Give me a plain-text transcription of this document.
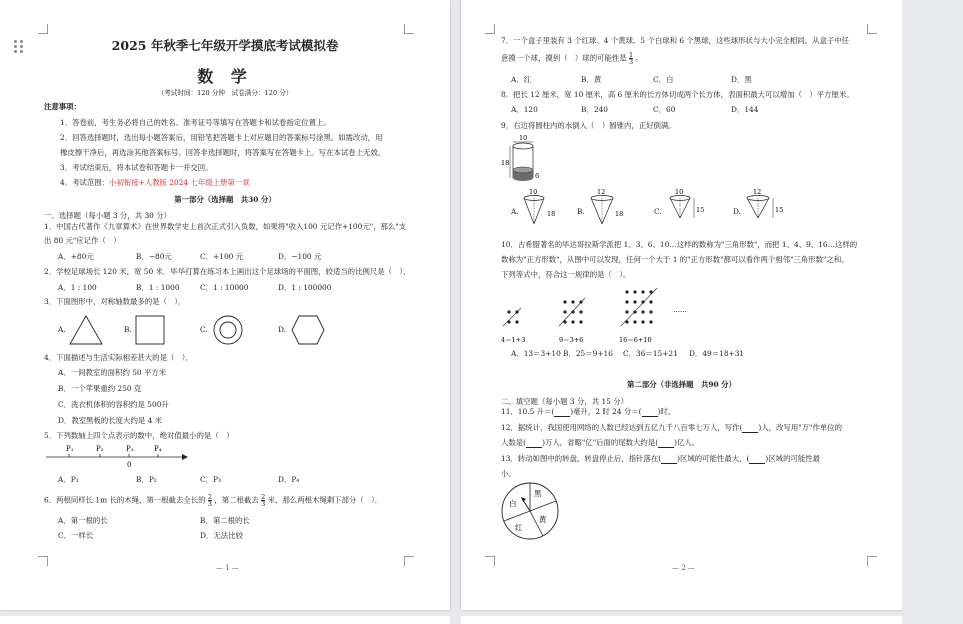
2025 年秋季七年级开学摸底考试模拟卷
数 学
（考试时间：120 分钟　试卷满分：120 分）
注意事项：
1．答卷前，考生务必将自己的姓名、准考证号等填写在答题卡和试卷指定位置上。
2．回答选择题时，选出每小题答案后，用铅笔把答题卡上对应题目的答案标号涂黑。如需改动，用
橡皮擦干净后，再选涂其他答案标号。回答非选择题时，将答案写在答题卡上。写在本试卷上无效。
3．考试结束后，将本试卷和答题卡一并交回。
4．考试范围：小初衔接+人教版 2024 七年级上册第一章
第一部分（选择题　共30 分）
一、选择题（每小题 3 分，共 30 分）
1．中国古代著作《九章算术》在世界数学史上首次正式引入负数，如果将"收入100 元记作+100元"，那么"支
出 80 元"应记作（　）
A．+80元	B．−80元	C．+100 元	D．−100 元
2．学校足球场长 120 米，宽 50 米．毕华打算在练习本上画出这个足球场的平面图，较适当的比例尺是（　）．
A．1 : 100	B．1 : 1000	C．1 : 10000	D．1 : 100000
3．下面图形中，对称轴数最多的是（　）．
A.	B.	C.	D.
4．下面描述与生活实际相差甚大的是（　）．
A．一间教室的面积约 50 平方米
B．一个苹果重约 250 克
C．洗衣机体积的容积约是 500升
D．教室黑板的长度大约是 4 米
5．下列数轴上四个点表示的数中，绝对值最小的是（　）
P₁	P₂	P₃	P₄
0
A．P₁	B．P₂	C．P₃	D．P₄
6．两根同样长 1m 长的木绳，第一根截去全长的 $\frac{2}{3}$ ，第二根截去 $\frac{2}{3}$ 米，那么两根木绳剩下部分（　）．
A．第一根的长	B．第二根的长
C．一样长	D．无法比较
— 1 —
7．一个盒子里装有 3 个红球、4 个黄球、5 个白球和 6 个黑球，这些球形状与大小完全相同。从盒子中任
意摸一个球，摸到（　）球的可能性是 $\frac{1}{3}$ 。
A．红	B．黄	C．白	D．黑
8．把长 12 厘米，宽 10 厘米，高 6 厘米的长方体切成两个长方体，表面积最大可以增加（　）平方厘米。
A．120	B．240	C．60	D．144
9．右边将圆柱内的水倒入（　）圆锥内，正好倒满。
10
18
6
A.
10
18	B.
12
18	C.
10
15	D.
12
15
10．古希腊著名的毕达哥拉斯学派把 1、3、6、10…这样的数称为"三角形数"，而把 1、4、9、16…这样的
数称为"正方形数"，从图中可以发现，任何一个大于 1 的"正方形数"都可以看作两个相邻"三角形数"之和。
下列等式中，符合这一规律的是（　）。
……
4＝1+3	9＝3+6	16＝6+10
A．13＝3+10 B．25＝9+16 C．36＝15+21 D．49＝18+31
第二部分（非选择题　共90 分）
二、填空题（每小题 3 分，共 15 分）
11．10.5 升＝( )毫升，2 时 24 分＝( )时。
12．据统计，我国使用网络的人数已经达到五亿九千八百零七万人，写作( )人，改写用"万"作单位的
人数是( )万人，省略"亿"后面的尾数大约是( )亿人。
13．转动如图中的转盘，转盘停止后，指针落在( )区域的可能性最大，( )区域的可能性最
小。
黑
白
黄
红
— 2 —
